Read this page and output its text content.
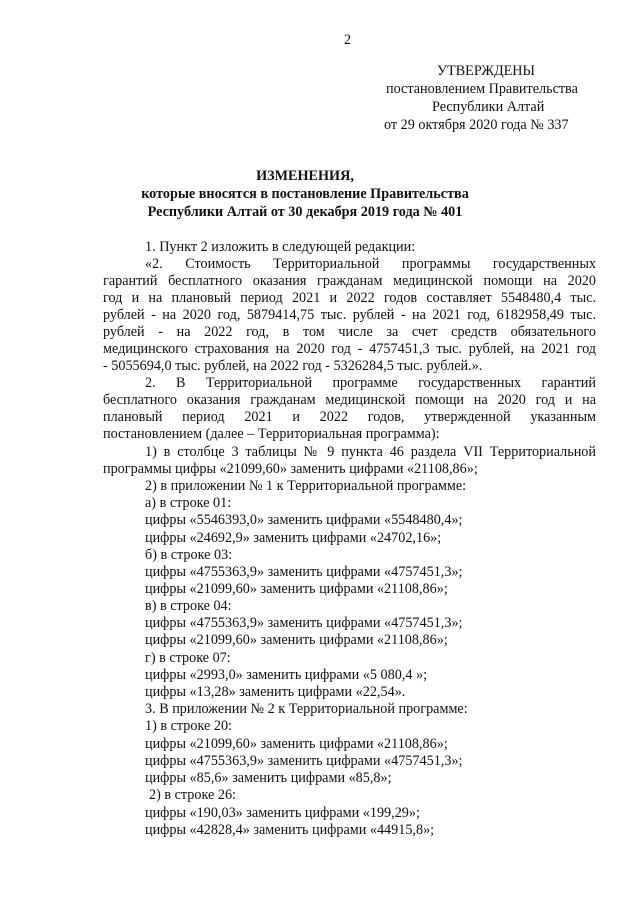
2
УТВЕРЖДЕНЫ
постановлением Правительства
Республики Алтай
от 29 октября 2020 года № 337
ИЗМЕНЕНИЯ,
которые вносятся в постановление Правительства
Республики Алтай от 30 декабря 2019 года № 401
1. Пункт 2 изложить в следующей редакции:
«2. Стоимость Территориальной программы государственных
гарантий бесплатного оказания гражданам медицинской помощи на 2020
год и на плановый период 2021 и 2022 годов составляет 5548480,4 тыс.
рублей - на 2020 год, 5879414,75 тыс. рублей - на 2021 год, 6182958,49 тыс.
рублей - на 2022 год, в том числе за счет средств обязательного
медицинского страхования на 2020 год - 4757451,3 тыс. рублей, на 2021 год
- 5055694,0 тыс. рублей, на 2022 год - 5326284,5 тыс. рублей.».
2. В Территориальной программе государственных гарантий
бесплатного оказания гражданам медицинской помощи на 2020 год и на
плановый период 2021 и 2022 годов, утвержденной указанным
постановлением (далее – Территориальная программа):
1) в столбце 3 таблицы № 9 пункта 46 раздела VII Территориальной
программы цифры «21099,60» заменить цифрами «21108,86»;
2) в приложении № 1 к Территориальной программе:
а) в строке 01:
цифры «5546393,0» заменить цифрами «5548480,4»;
цифры «24692,9» заменить цифрами «24702,16»;
б) в строке 03:
цифры «4755363,9» заменить цифрами «4757451,3»;
цифры «21099,60» заменить цифрами «21108,86»;
в) в строке 04:
цифры «4755363,9» заменить цифрами «4757451,3»;
цифры «21099,60» заменить цифрами «21108,86»;
г) в строке 07:
цифры «2993,0» заменить цифрами «5 080,4 »;
цифры «13,28» заменить цифрами «22,54».
3. В приложении № 2 к Территориальной программе:
1) в строке 20:
цифры «21099,60» заменить цифрами «21108,86»;
цифры «4755363,9» заменить цифрами «4757451,3»;
цифры «85,6» заменить цифрами «85,8»;
2) в строке 26:
цифры «190,03» заменить цифрами «199,29»;
цифры «42828,4» заменить цифрами «44915,8»;
